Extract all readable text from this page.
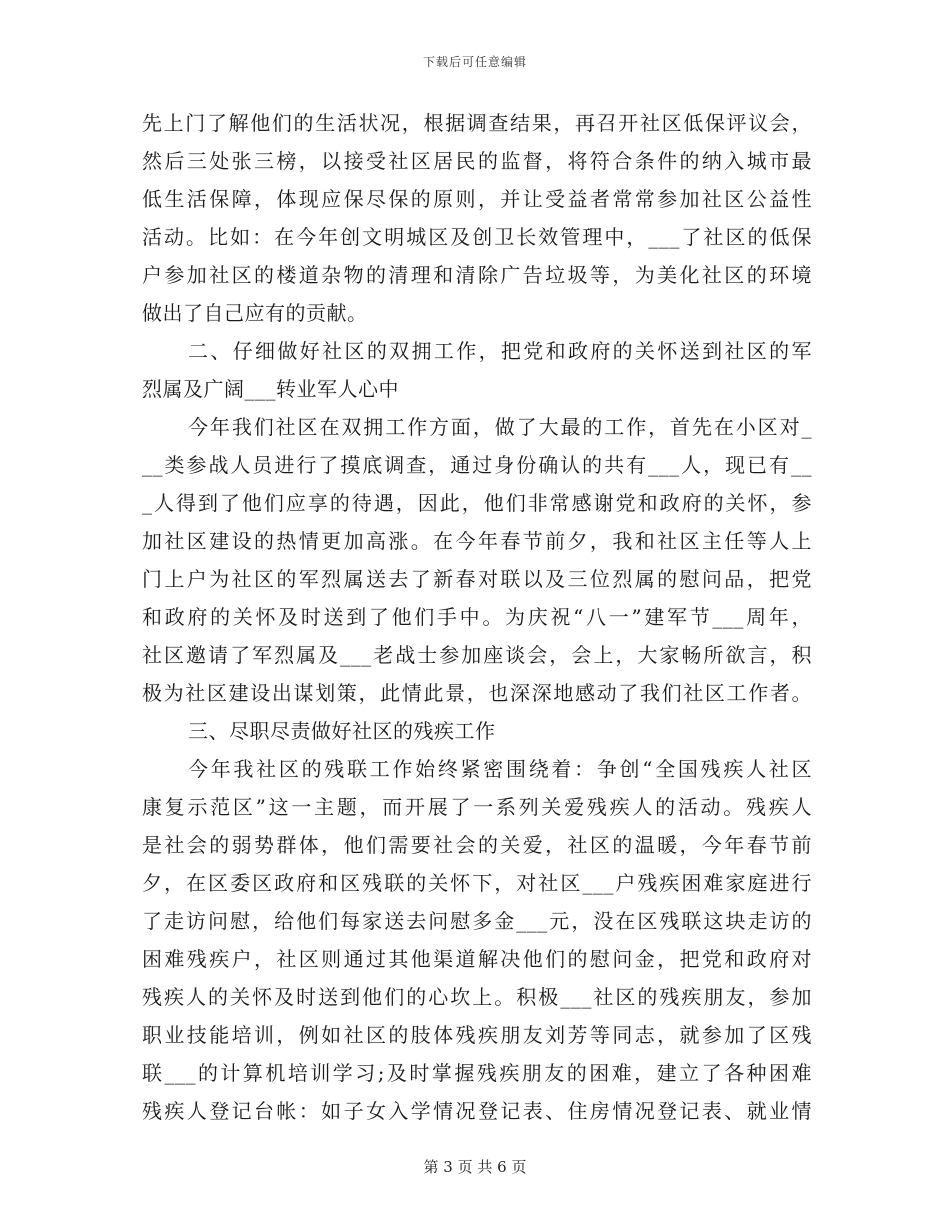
下载后可任意编辑
先上门了解他们的生活状况，根据调查结果，再召开社区低保评议会，
然后三处张三榜，以接受社区居民的监督，将符合条件的纳入城市最
低生活保障，体现应保尽保的原则，并让受益者常常参加社区公益性
活动。比如：在今年创文明城区及创卫长效管理中，___了社区的低保
户参加社区的楼道杂物的清理和清除广告垃圾等，为美化社区的环境
做出了自己应有的贡献。
二、仔细做好社区的双拥工作，把党和政府的关怀送到社区的军
烈属及广阔___转业军人心中
今年我们社区在双拥工作方面，做了大最的工作，首先在小区对_
__类参战人员进行了摸底调查，通过身份确认的共有___人，现已有__
_人得到了他们应享的待遇，因此，他们非常感谢党和政府的关怀，参
加社区建设的热情更加高涨。在今年春节前夕，我和社区主任等人上
门上户为社区的军烈属送去了新春对联以及三位烈属的慰问品，把党
和政府的关怀及时送到了他们手中。为庆祝“八一”建军节___周年，
社区邀请了军烈属及___老战士参加座谈会，会上，大家畅所欲言，积
极为社区建设出谋划策，此情此景，也深深地感动了我们社区工作者。
三、尽职尽责做好社区的残疾工作
今年我社区的残联工作始终紧密围绕着：争创“全国残疾人社区
康复示范区”这一主题，而开展了一系列关爱残疾人的活动。残疾人
是社会的弱势群体，他们需要社会的关爱，社区的温暖，今年春节前
夕，在区委区政府和区残联的关怀下，对社区___户残疾困难家庭进行
了走访问慰，给他们每家送去问慰多金___元，没在区残联这块走访的
困难残疾户，社区则通过其他渠道解决他们的慰问金，把党和政府对
残疾人的关怀及时送到他们的心坎上。积极___社区的残疾朋友，参加
职业技能培训，例如社区的肢体残疾朋友刘芳等同志，就参加了区残
联___的计算机培训学习;及时掌握残疾朋友的困难，建立了各种困难
残疾人登记台帐：如子女入学情况登记表、住房情况登记表、就业情
第 3 页 共 6 页
